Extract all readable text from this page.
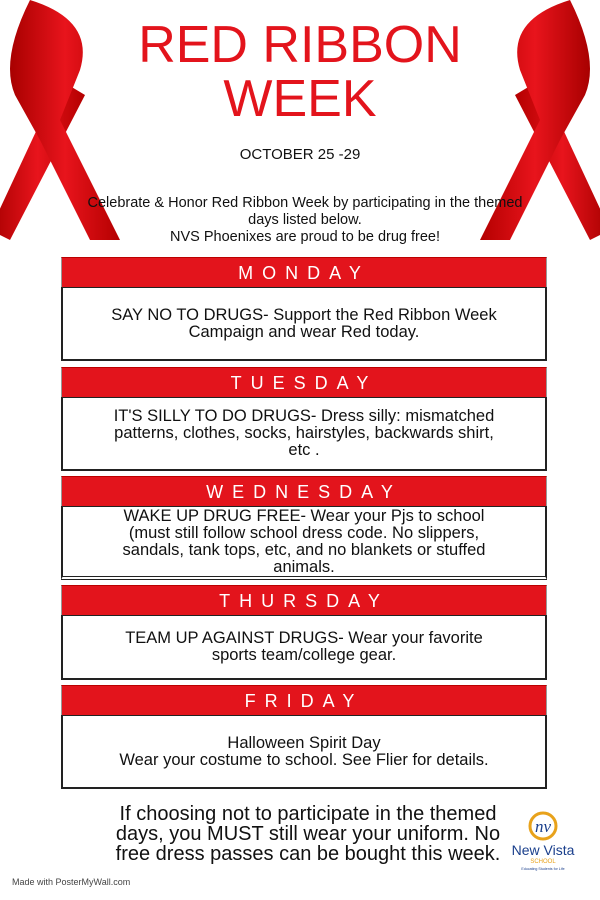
RED RIBBON
WEEK
OCTOBER 25 -29
Celebrate & Honor Red Ribbon Week by participating in the themed
days listed below.
NVS Phoenixes are proud to be drug free!
MONDAY
SAY NO TO DRUGS- Support the Red Ribbon Week
Campaign and wear Red today.
TUESDAY
IT'S SILLY TO DO DRUGS- Dress silly: mismatched
patterns, clothes, socks, hairstyles, backwards shirt,
etc .
WEDNESDAY
WAKE UP DRUG FREE- Wear your Pjs to school
(must still follow school dress code. No slippers,
sandals, tank tops, etc, and no blankets or stuffed
animals.
THURSDAY
TEAM UP AGAINST DRUGS- Wear your favorite
sports team/college gear.
FRIDAY
Halloween Spirit Day
Wear your costume to school. See Flier for details.
If choosing not to participate in the themed
days, you MUST still wear your uniform. No
free dress passes can be bought this week.
nv
New Vista
SCHOOL
Educating Students for Life
Made with PosterMyWall.com
